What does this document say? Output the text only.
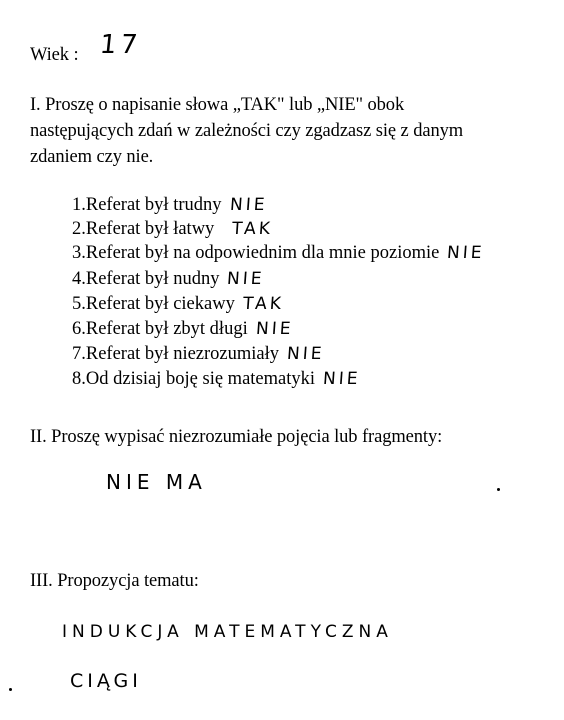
Wiek : 17
I. Proszę o napisanie słowa „TAK" lub „NIE" obok
następujących zdań w zależności czy zgadzasz się z danym
zdaniem czy nie.
1.Referat był trudny NIE
2.Referat był łatwy TAK
3.Referat był na odpowiednim dla mnie poziomie NIE
4.Referat był nudny NIE
5.Referat był ciekawy TAK
6.Referat był zbyt długi NIE
7.Referat był niezrozumiały NIE
8.Od dzisiaj boję się matematyki NIE
II. Proszę wypisać niezrozumiałe pojęcia lub fragmenty:
NIE MA
III. Propozycja tematu:
INDUKCJA MATEMATYCZNA
CIĄGI
